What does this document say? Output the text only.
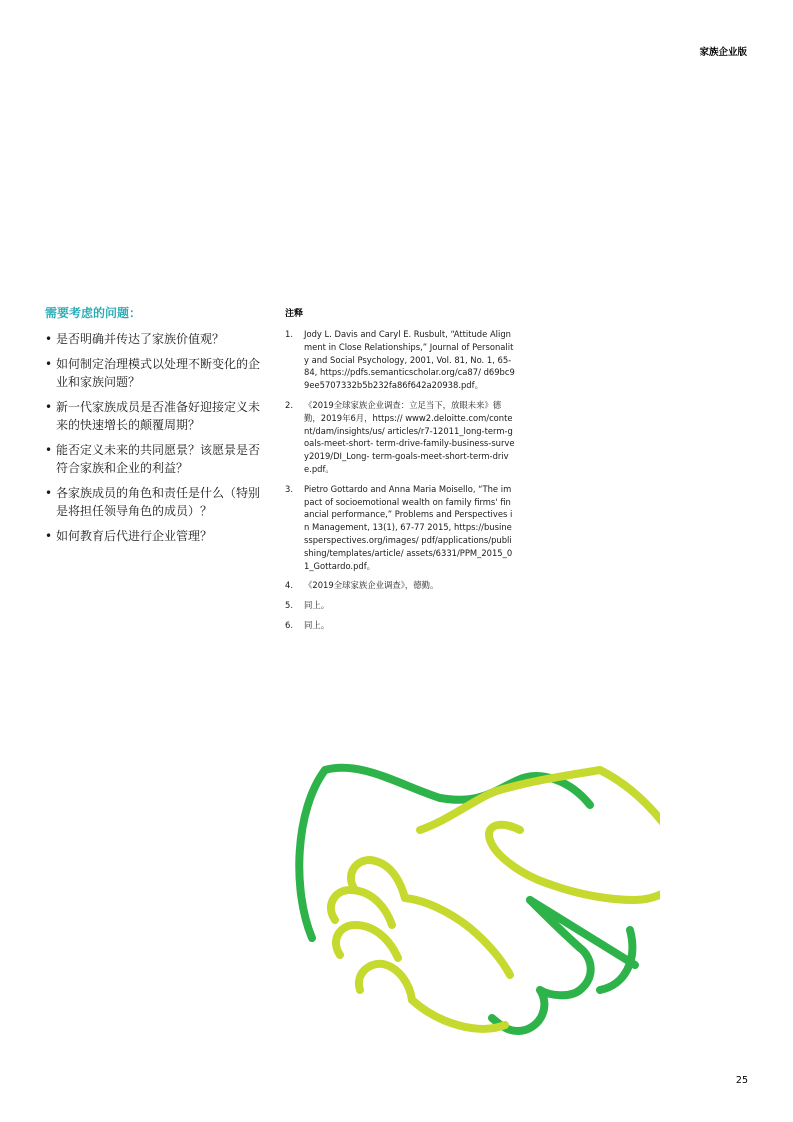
家族企业版
需要考虑的问题：
• 是否明确并传达了家族价值观？
• 如何制定治理模式以处理不断变化的企业和家族问题？
• 新一代家族成员是否准备好迎接定义未来的快速增长的颠覆周期？
• 能否定义未来的共同愿景？该愿景是否符合家族和企业的利益？
• 各家族成员的角色和责任是什么（特别是将担任领导角色的成员）？
• 如何教育后代进行企业管理？
注释
1. Jody L. Davis and Caryl E. Rusbult, “Attitude Alignment in Close Relationships,” Journal of Personality and Social Psychology, 2001, Vol. 81, No. 1, 65-84, https://pdfs.semanticscholar.org/ca87/ d69bc99ee5707332b5b232fa86f642a20938.pdf。
2. 《2019全球家族企业调查：立足当下，放眼未来》德勤，2019年6月，https:// www2.deloitte.com/content/dam/insights/us/ articles/r7-12011_long-term-goals-meet-short- term-drive-family-business-survey2019/DI_Long- term-goals-meet-short-term-drive.pdf。
3. Pietro Gottardo and Anna Maria Moisello, “The impact of socioemotional wealth on family firms' financial performance,” Problems and Perspectives in Management, 13(1), 67-77 2015, https://businessperspectives.org/images/ pdf/applications/publishing/templates/article/ assets/6331/PPM_2015_01_Gottardo.pdf。
4. 《2019全球家族企业调查》，德勤。
5. 同上。
6. 同上。
25
